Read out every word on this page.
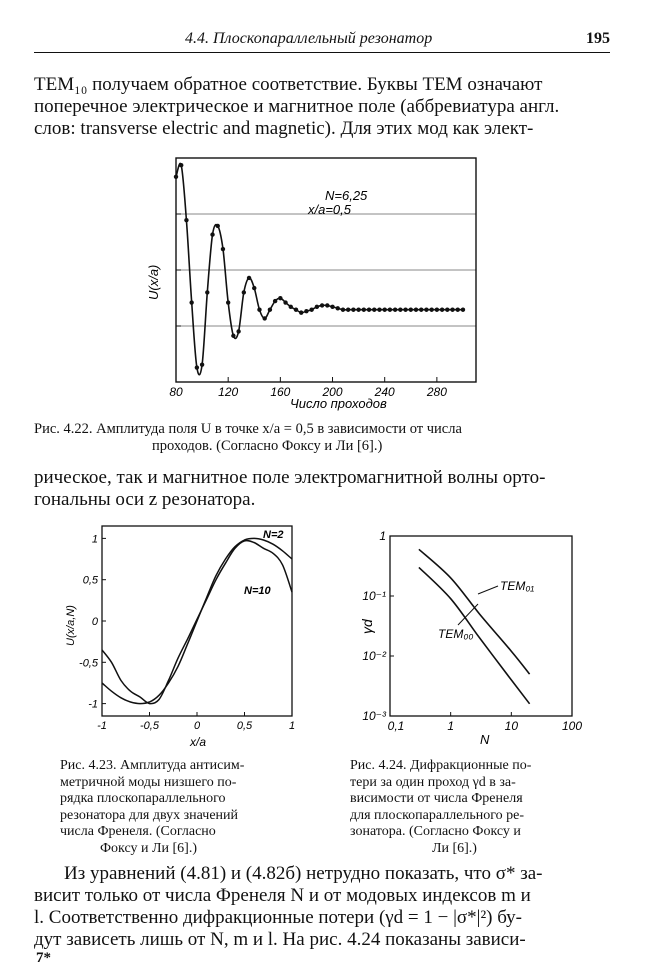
4.4. Плоскопараллельный резонатор	195
TEM₁₀ получаем обратное соответствие. Буквы TEM означают
поперечное электрическое и магнитное поле (аббревиатура англ.
слов: transverse electric and magnetic). Для этих мод как элект-
80	120	160	200	240	280
N=6,25
x/a=0,5
Число проходов
U(x/a)
Рис. 4.22. Амплитуда поля U в точке x/a = 0,5 в зависимости от числа
проходов. (Согласно Фоксу и Ли [6].)
рическое, так и магнитное поле электромагнитной волны орто-
гональны оси z резонатора.
-1	-0,5	0	0,5	1
1
0,5
0
-0,5
-1
N=2
N=10
x/a
U(x/a,N)
Рис. 4.23. Амплитуда антисим-
метричной моды низшего по-
рядка плоскопараллельного
резонатора для двух значений
числа Френеля. (Согласно
Фоксу и Ли [6].)
0,1	1	10	100
1
10⁻¹
10⁻²
10⁻³
TEM₀₁
TEM₀₀
N
γd
Рис. 4.24. Дифракционные по-
тери за один проход γd в за-
висимости от числа Френеля
для плоскопараллельного ре-
зонатора. (Согласно Фоксу и
Ли [6].)
Из уравнений (4.81) и (4.82б) нетрудно показать, что σ* за-
висит только от числа Френеля N и от модовых индексов m и
l. Соответственно дифракционные потери (γd = 1 − |σ*|²) бу-
дут зависеть лишь от N, m и l. На рис. 4.24 показаны зависи-
7*
